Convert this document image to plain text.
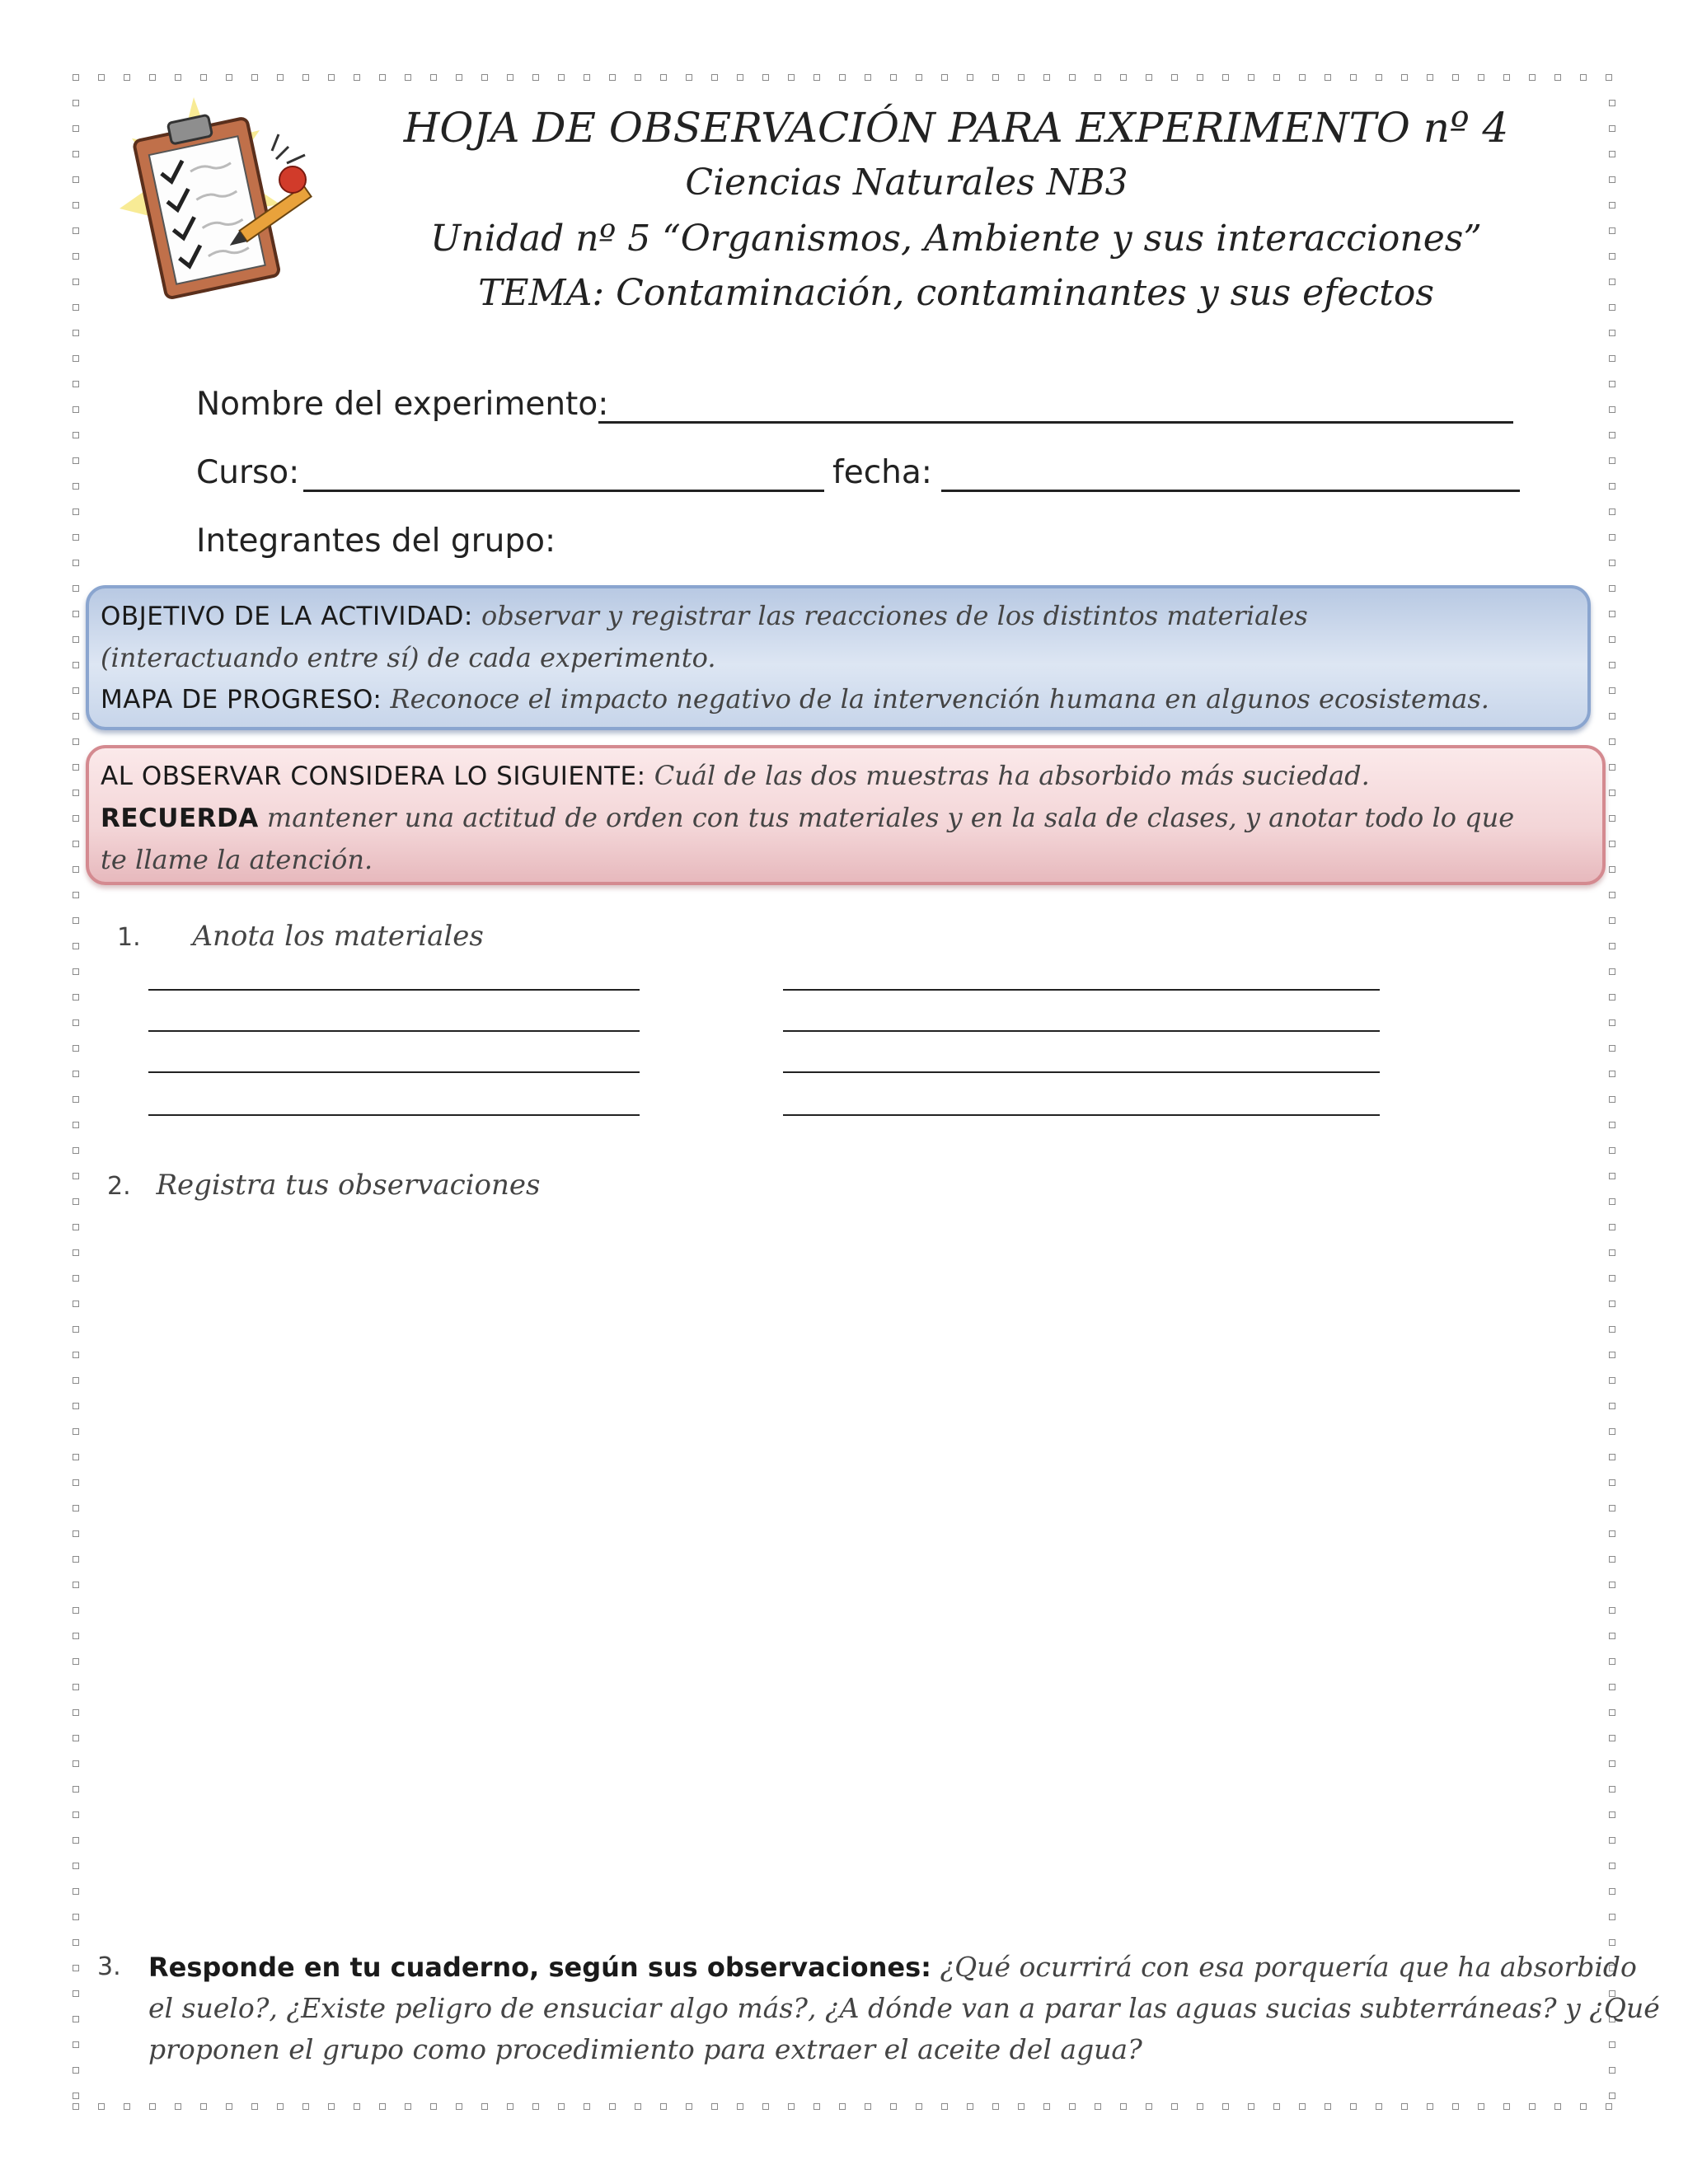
HOJA DE OBSERVACIÓN PARA EXPERIMENTO nº 4
Ciencias Naturales NB3
Unidad nº 5 “Organismos, Ambiente y sus interacciones”
TEMA: Contaminación, contaminantes y sus efectos
Nombre del experimento:
Curso:	fecha:
Integrantes del grupo:

OBJETIVO DE LA ACTIVIDAD: observar y registrar las reacciones de los distintos materiales

(interactuando entre sí) de cada experimento.

MAPA DE PROGRESO: Reconoce el impacto negativo de la intervención humana en algunos ecosistemas.

AL OBSERVAR CONSIDERA LO SIGUIENTE: Cuál de las dos muestras ha absorbido más suciedad.

RECUERDA mantener una actitud de orden con tus materiales y en la sala de clases, y anotar todo lo que

te llame la atención.

1. Anota los materiales
2. Registra tus observaciones
3. Responde en tu cuaderno, según sus observaciones: ¿Qué ocurrirá con esa porquería que ha absorbido el suelo?, ¿Existe peligro de ensuciar algo más?, ¿A dónde van a parar las aguas sucias subterráneas? y ¿Qué proponen el grupo como procedimiento para extraer el aceite del agua?
